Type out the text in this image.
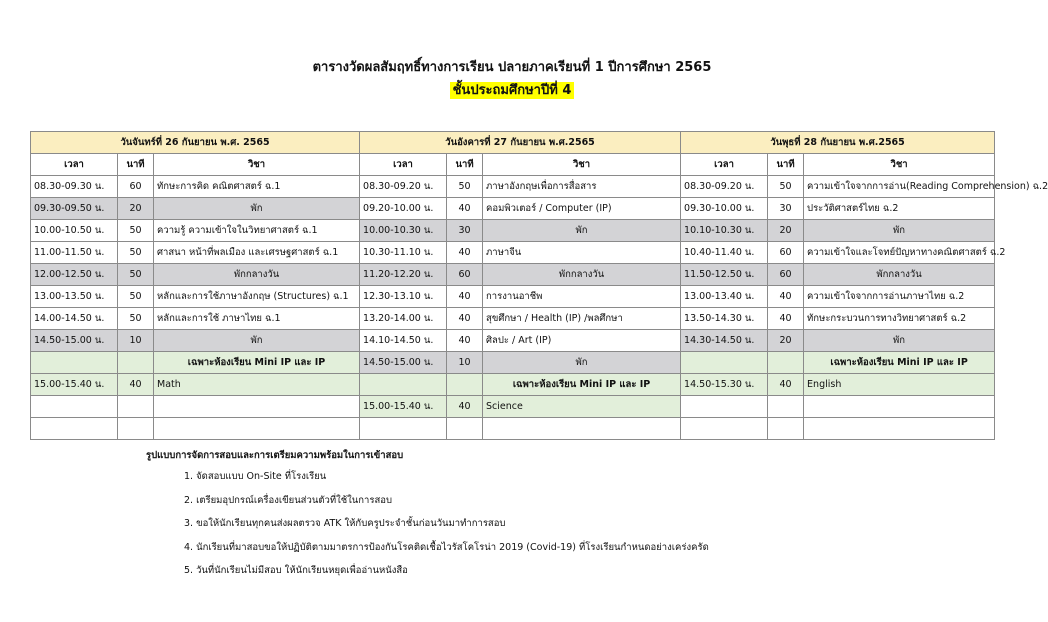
ตารางวัดผลสัมฤทธิ์ทางการเรียน ปลายภาคเรียนที่ 1 ปีการศึกษา 2565
ชั้นประถมศึกษาปีที่ 4
วันจันทร์ที่ 26 กันยายน พ.ศ. 2565			วันอังคารที่ 27 กันยายน พ.ศ.2565			วันพุธที่ 28 กันยายน พ.ศ.2565		
เวลา	นาที	วิชา	เวลา	นาที	วิชา	เวลา	นาที	วิชา
08.30-09.30 น.	60	ทักษะการคิด คณิตศาสตร์ ฉ.1	08.30-09.20 น.	50	ภาษาอังกฤษเพื่อการสื่อสาร	08.30-09.20 น.	50	ความเข้าใจจากการอ่าน(Reading Comprehension) ฉ.2
09.30-09.50 น.	20	พัก	09.20-10.00 น.	40	คอมพิวเตอร์ / Computer (IP)	09.30-10.00 น.	30	ประวัติศาสตร์ไทย ฉ.2
10.00-10.50 น.	50	ความรู้ ความเข้าใจในวิทยาศาสตร์ ฉ.1	10.00-10.30 น.	30	พัก	10.10-10.30 น.	20	พัก
11.00-11.50 น.	50	ศาสนา หน้าที่พลเมือง และเศรษฐศาสตร์ ฉ.1	10.30-11.10 น.	40	ภาษาจีน	10.40-11.40 น.	60	ความเข้าใจและโจทย์ปัญหาทางคณิตศาสตร์ ฉ.2
12.00-12.50 น.	50	พักกลางวัน	11.20-12.20 น.	60	พักกลางวัน	11.50-12.50 น.	60	พักกลางวัน
13.00-13.50 น.	50	หลักและการใช้ภาษาอังกฤษ (Structures) ฉ.1	12.30-13.10 น.	40	การงานอาชีพ	13.00-13.40 น.	40	ความเข้าใจจากการอ่านภาษาไทย ฉ.2
14.00-14.50 น.	50	หลักและการใช้ ภาษาไทย ฉ.1	13.20-14.00 น.	40	สุขศึกษา / Health (IP) /พลศึกษา	13.50-14.30 น.	40	ทักษะกระบวนการทางวิทยาศาสตร์ ฉ.2
14.50-15.00 น.	10	พัก	14.10-14.50 น.	40	ศิลปะ / Art (IP)	14.30-14.50 น.	20	พัก
		เฉพาะห้องเรียน Mini IP และ IP	14.50-15.00 น.	10	พัก			เฉพาะห้องเรียน Mini IP และ IP
15.00-15.40 น.	40	Math			เฉพาะห้องเรียน Mini IP และ IP	14.50-15.30 น.	40	English
			15.00-15.40 น.	40	Science			

รูปแบบการจัดการสอบและการเตรียมความพร้อมในการเข้าสอบ
1. จัดสอบแบบ On-Site ที่โรงเรียน
2. เตรียมอุปกรณ์เครื่องเขียนส่วนตัวที่ใช้ในการสอบ
3. ขอให้นักเรียนทุกคนส่งผลตรวจ ATK ให้กับครูประจำชั้นก่อนวันมาทำการสอบ
4. นักเรียนที่มาสอบขอให้ปฏิบัติตามมาตรการป้องกันโรคติดเชื้อไวรัสโคโรน่า 2019 (Covid-19) ที่โรงเรียนกำหนดอย่างเคร่งครัด
5. วันที่นักเรียนไม่มีสอบ ให้นักเรียนหยุดเพื่ออ่านหนังสือ
